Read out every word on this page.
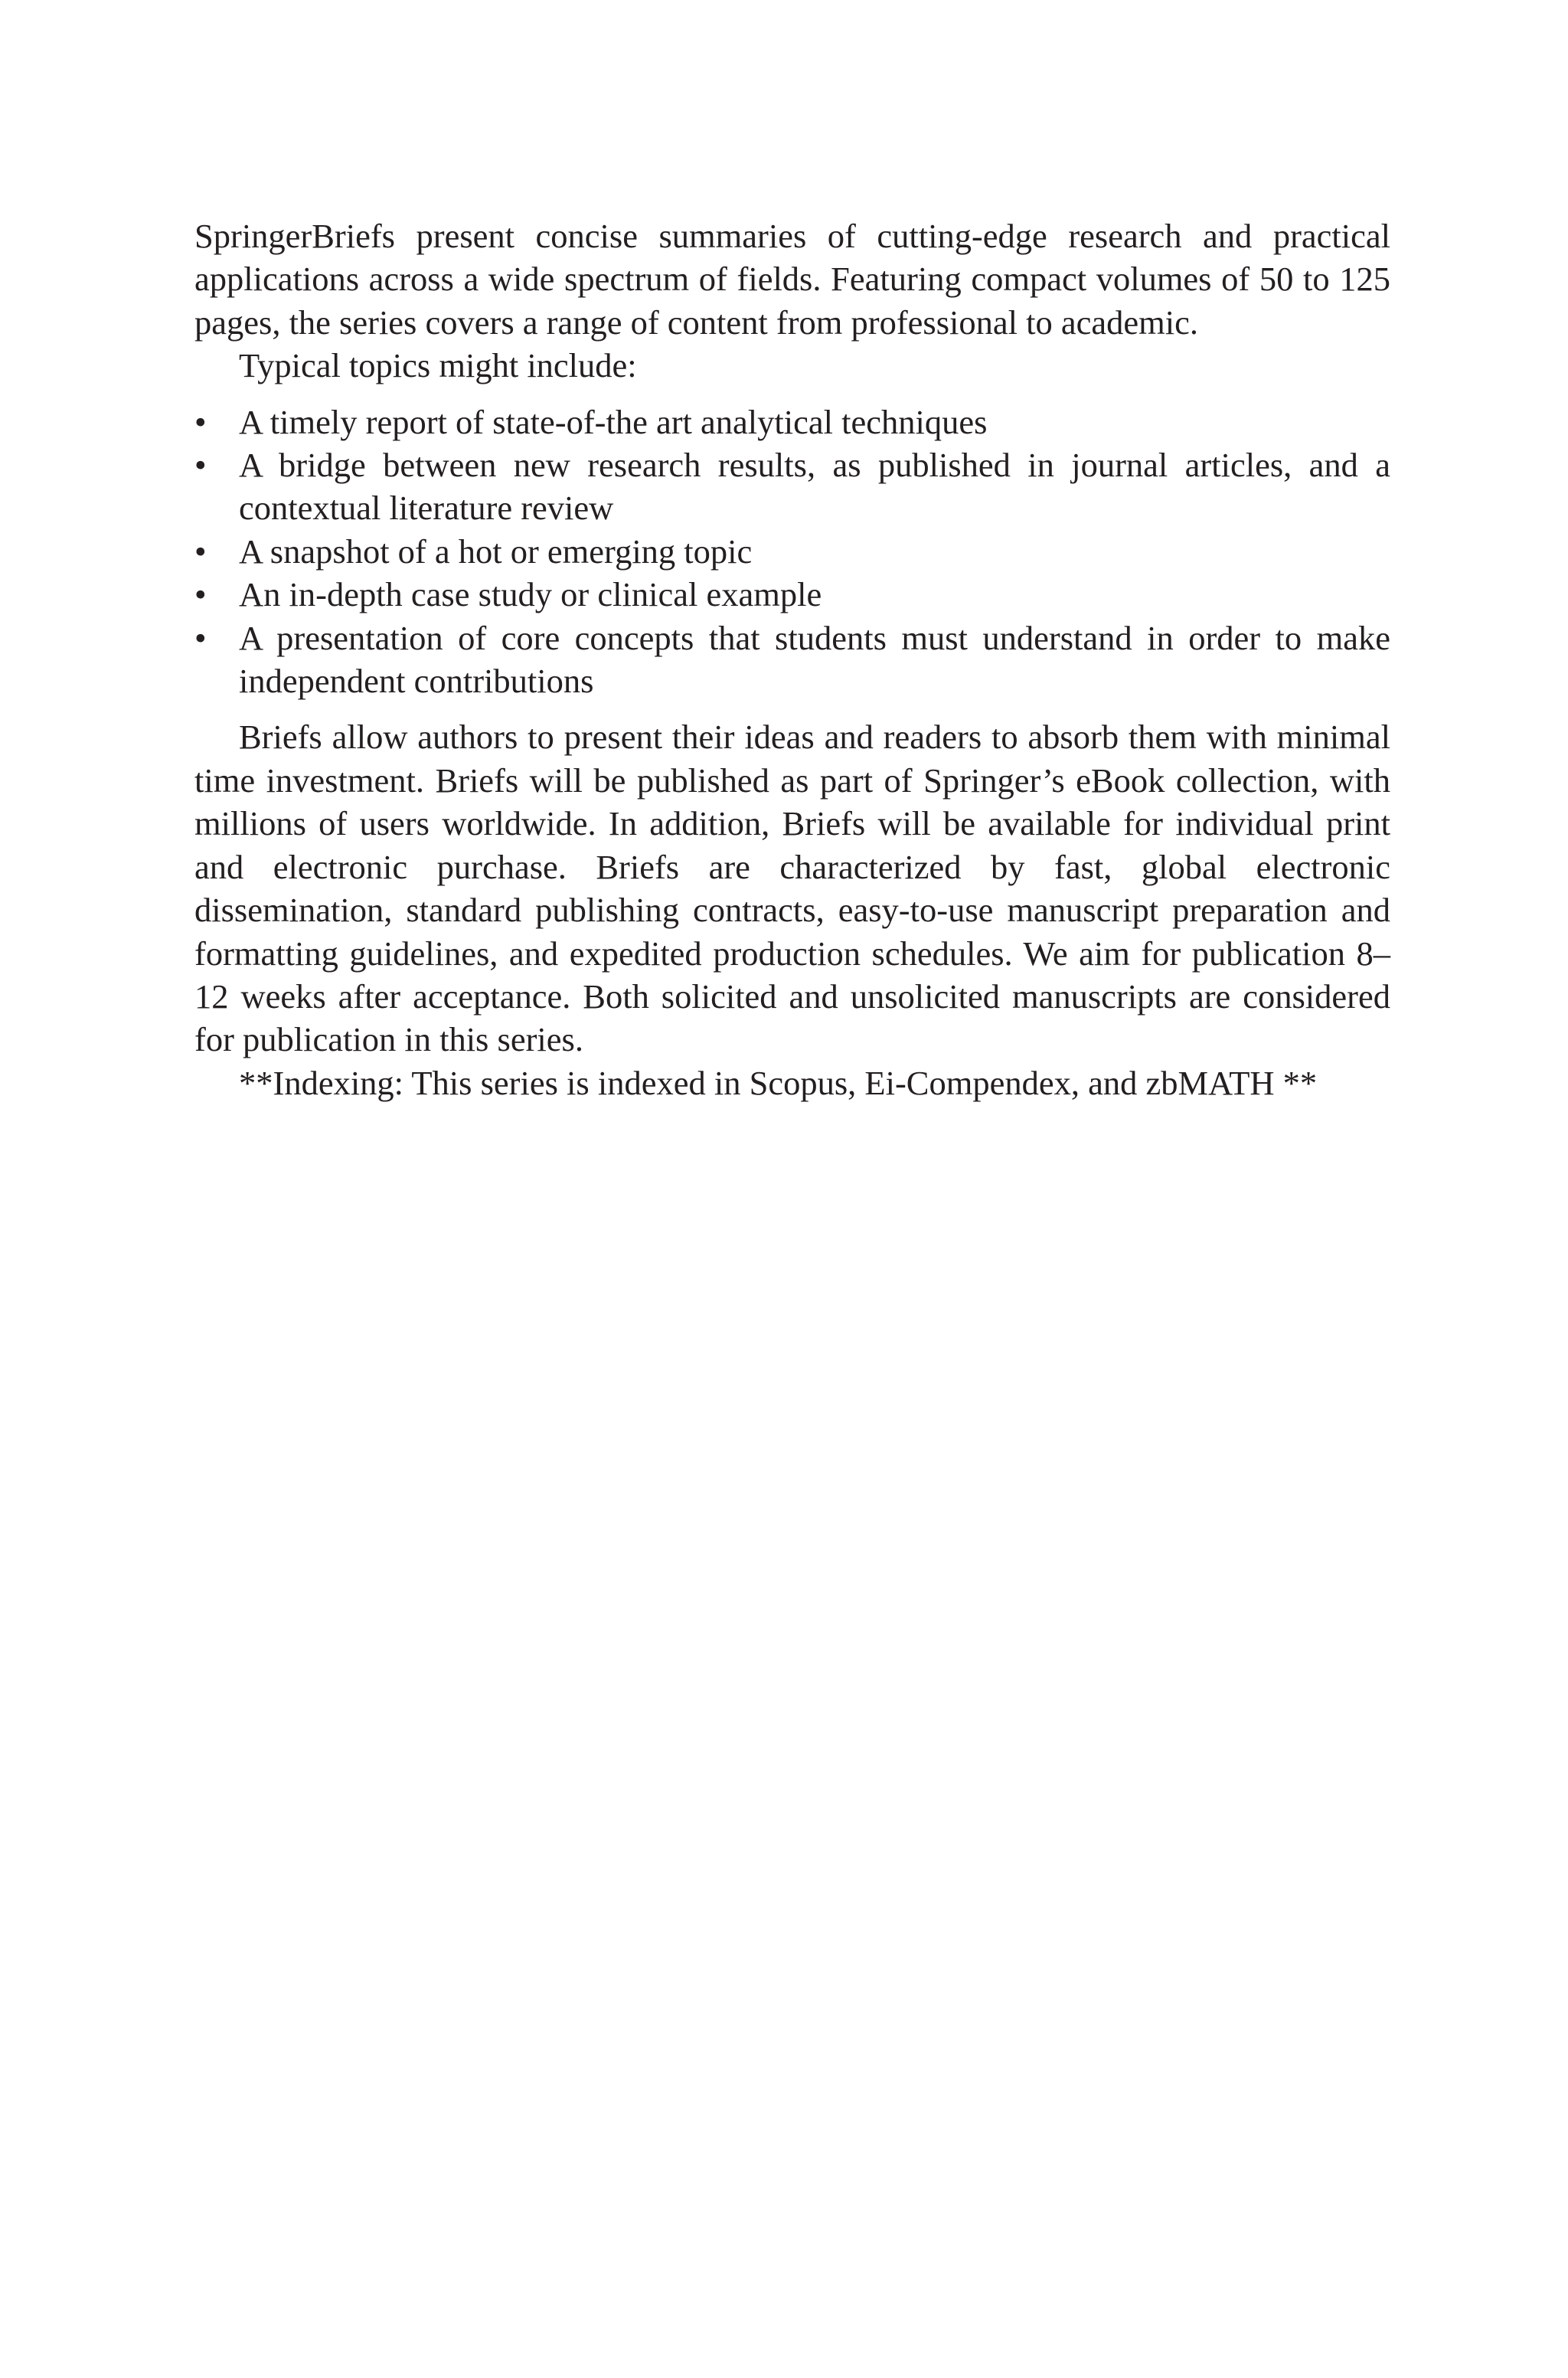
SpringerBriefs present concise summaries of cutting-edge research and practical applications across a wide spectrum of fields. Featuring compact volumes of 50 to 125 pages, the series covers a range of content from professional to academic.

Typical topics might include:

• A timely report of state-of-the art analytical techniques
• A bridge between new research results, as published in journal articles, and a contextual literature review
• A snapshot of a hot or emerging topic
• An in-depth case study or clinical example
• A presentation of core concepts that students must understand in order to make independent contributions

Briefs allow authors to present their ideas and readers to absorb them with minimal time investment. Briefs will be published as part of Springer’s eBook collection, with millions of users worldwide. In addition, Briefs will be available for individual print and electronic purchase. Briefs are characterized by fast, global electronic dissemination, standard publishing contracts, easy-to-use manuscript preparation and formatting guidelines, and expedited production schedules. We aim for publication 8–12 weeks after acceptance. Both solicited and unsolicited manuscripts are considered for publication in this series.

**Indexing: This series is indexed in Scopus, Ei-Compendex, and zbMATH **
